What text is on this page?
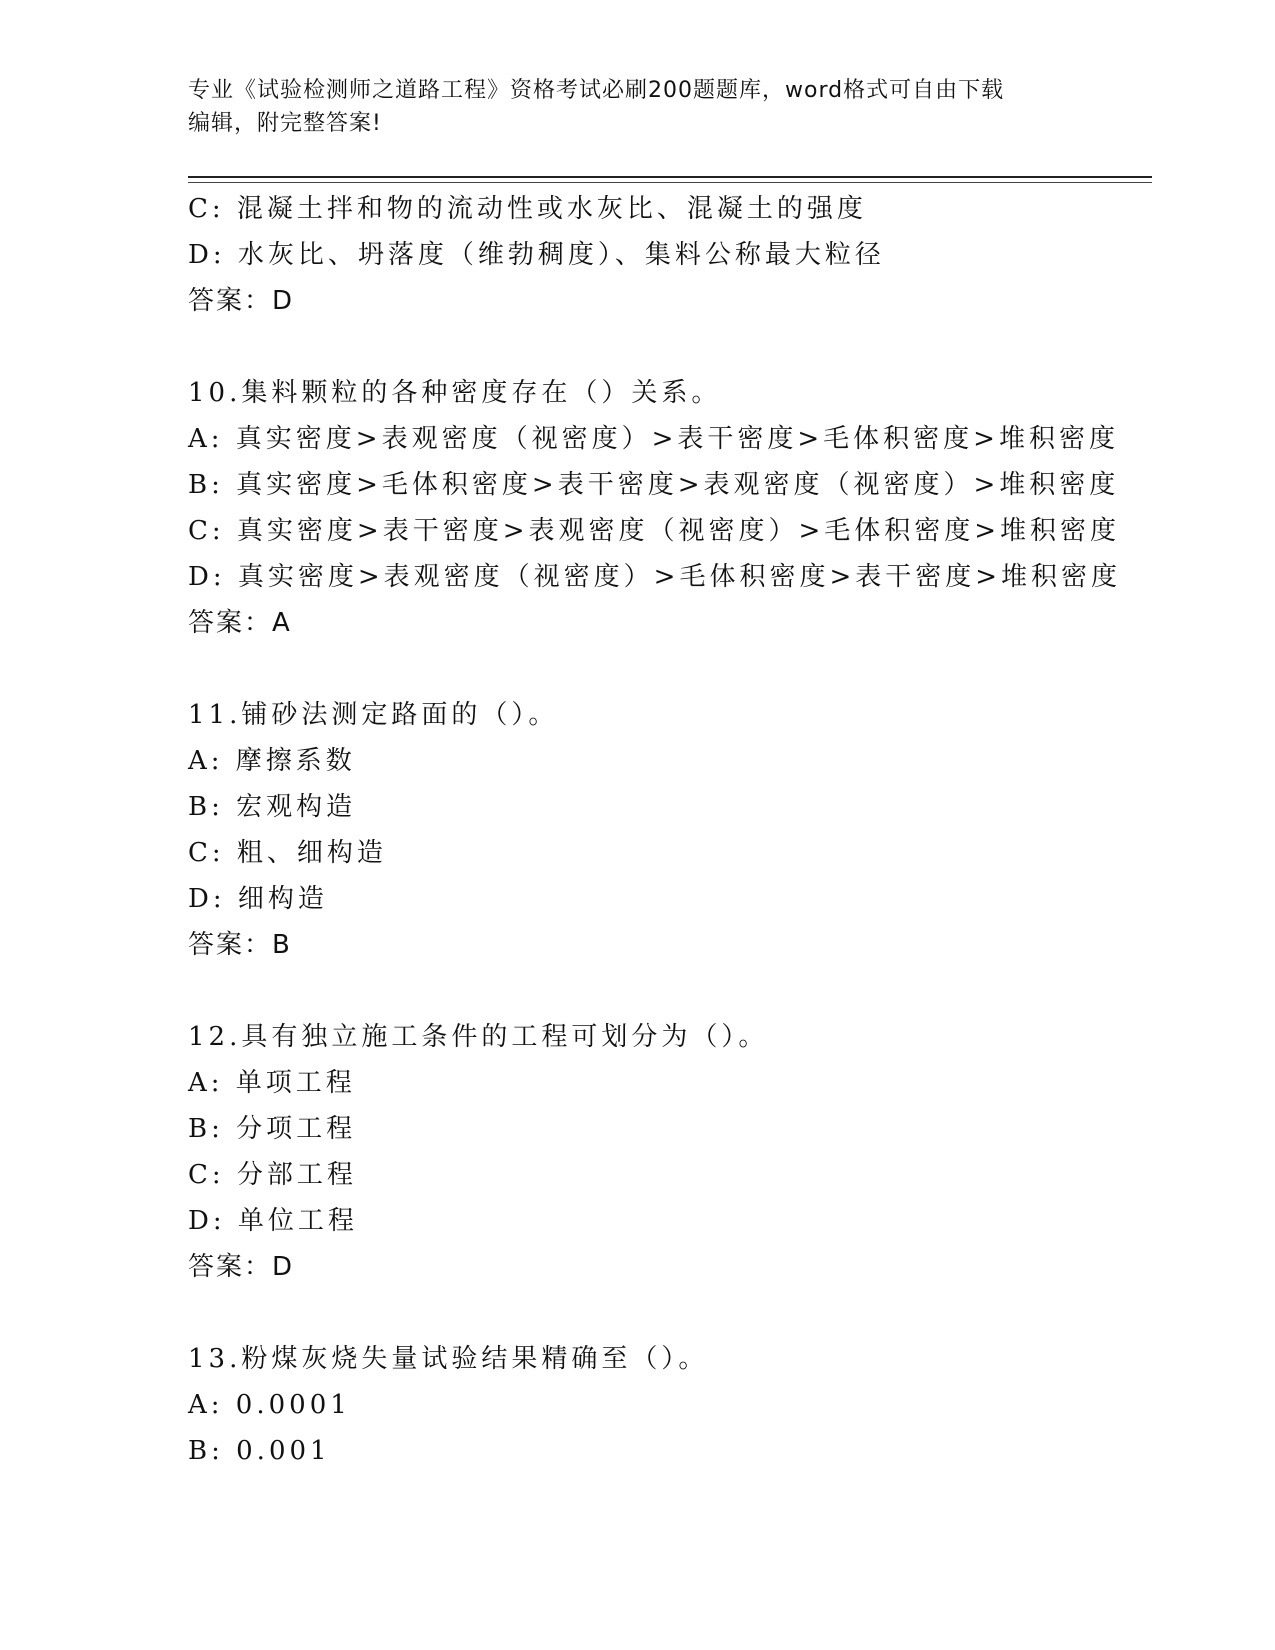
专业《试验检测师之道路工程》资格考试必刷200题题库，word格式可自由下载
编辑，附完整答案!
C: 混凝土拌和物的流动性或水灰比、混凝土的强度
D: 水灰比、坍落度（维勃稠度）、集料公称最大粒径
答案：D
10.集料颗粒的各种密度存在（）关系。
A: 真实密度>表观密度（视密度）>表干密度>毛体积密度>堆积密度
B: 真实密度>毛体积密度>表干密度>表观密度（视密度）>堆积密度
C: 真实密度>表干密度>表观密度（视密度）>毛体积密度>堆积密度
D: 真实密度>表观密度（视密度）>毛体积密度>表干密度>堆积密度
答案：A
11.铺砂法测定路面的（）。
A: 摩擦系数
B: 宏观构造
C: 粗、细构造
D: 细构造
答案：B
12.具有独立施工条件的工程可划分为（）。
A: 单项工程
B: 分项工程
C: 分部工程
D: 单位工程
答案：D
13.粉煤灰烧失量试验结果精确至（）。
A: 0.0001
B: 0.001
